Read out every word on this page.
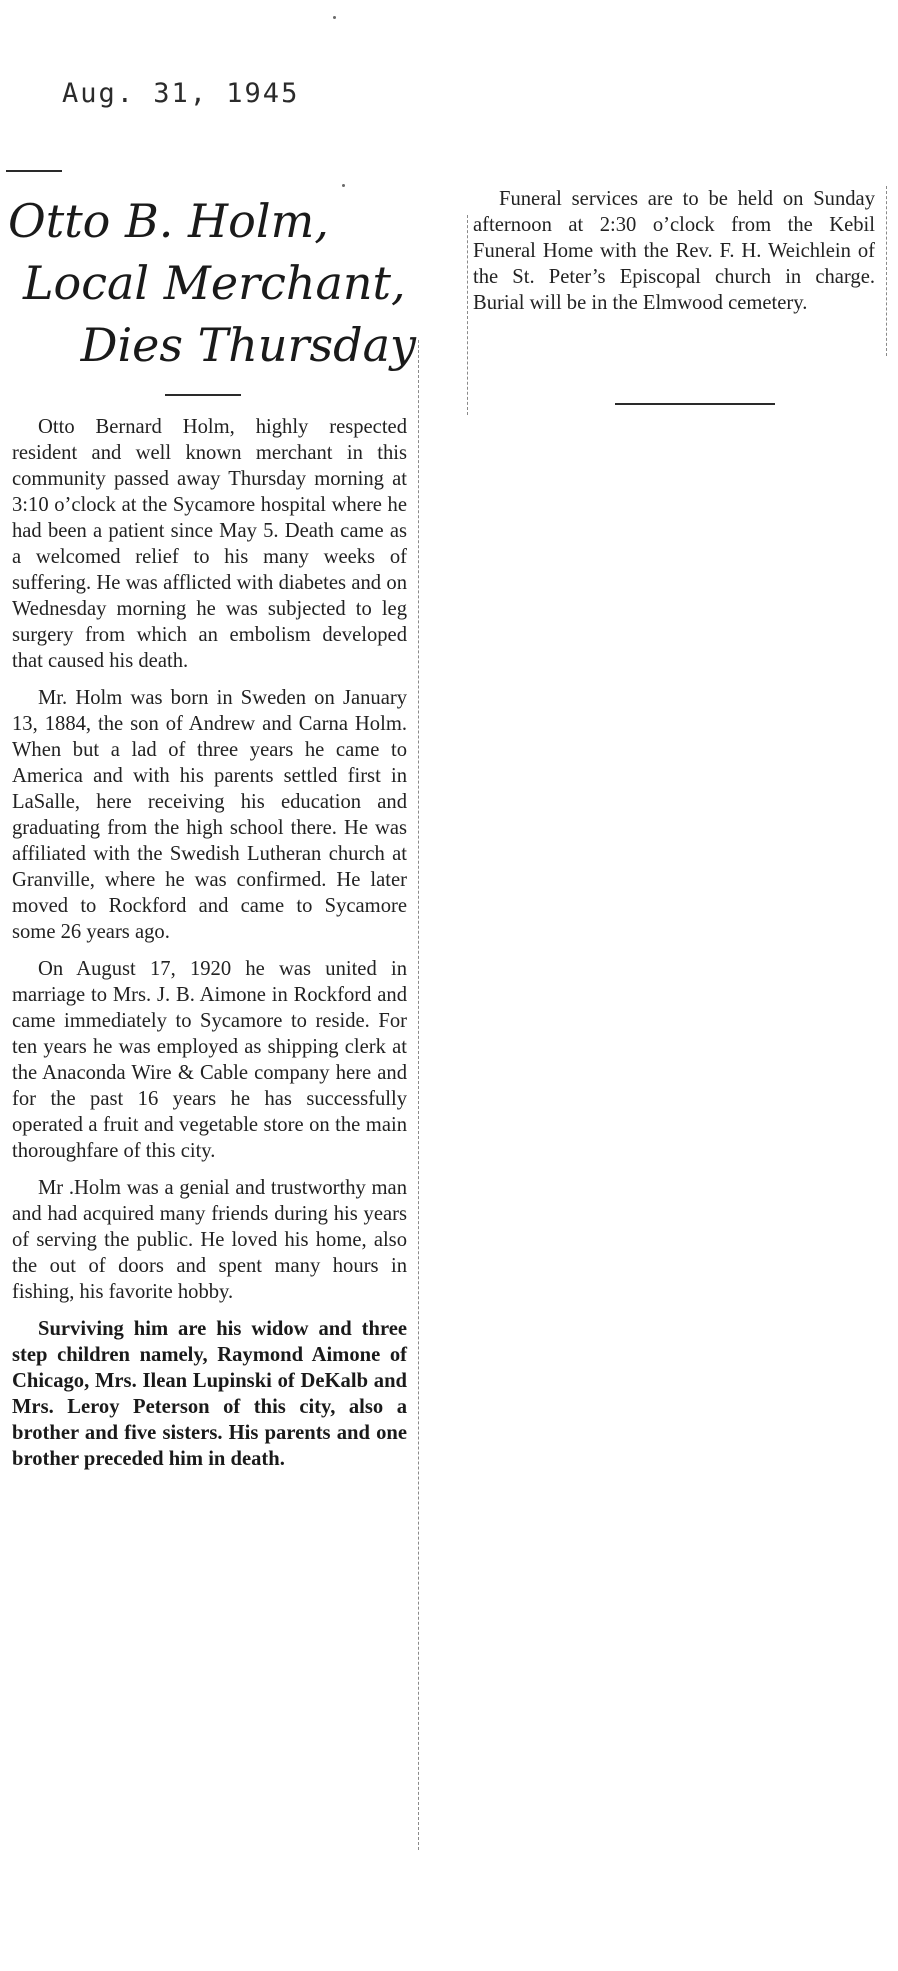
Aug. 31, 1945
Otto B. Holm,
Local Merchant,
Dies Thursday

Otto Bernard Holm, highly respected resident and well known merchant in this community passed away Thursday morning at 3:10 o’clock at the Sycamore hospital where he had been a patient since May 5. Death came as a welcomed relief to his many weeks of suffering. He was afflicted with diabetes and on Wednesday morning he was subjected to leg surgery from which an embolism developed that caused his death.

Mr. Holm was born in Sweden on January 13, 1884, the son of Andrew and Carna Holm. When but a lad of three years he came to America and with his parents settled first in LaSalle, here receiving his education and graduating from the high school there. He was affiliated with the Swedish Lutheran church at Granville, where he was confirmed. He later moved to Rockford and came to Sycamore some 26 years ago.

On August 17, 1920 he was united in marriage to Mrs. J. B. Aimone in Rockford and came immediately to Sycamore to reside. For ten years he was employed as shipping clerk at the Anaconda Wire & Cable company here and for the past 16 years he has successfully operated a fruit and vegetable store on the main thoroughfare of this city.

Mr .Holm was a genial and trustworthy man and had acquired many friends during his years of serving the public. He loved his home, also the out of doors and spent many hours in fishing, his favorite hobby.

Surviving him are his widow and three step children namely, Raymond Aimone of Chicago, Mrs. Ilean Lupinski of DeKalb and Mrs. Leroy Peterson of this city, also a brother and five sisters. His parents and one brother preceded him in death.

Funeral services are to be held on Sunday afternoon at 2:30 o’clock from the Kebil Funeral Home with the Rev. F. H. Weichlein of the St. Peter’s Episcopal church in charge. Burial will be in the Elmwood cemetery.
